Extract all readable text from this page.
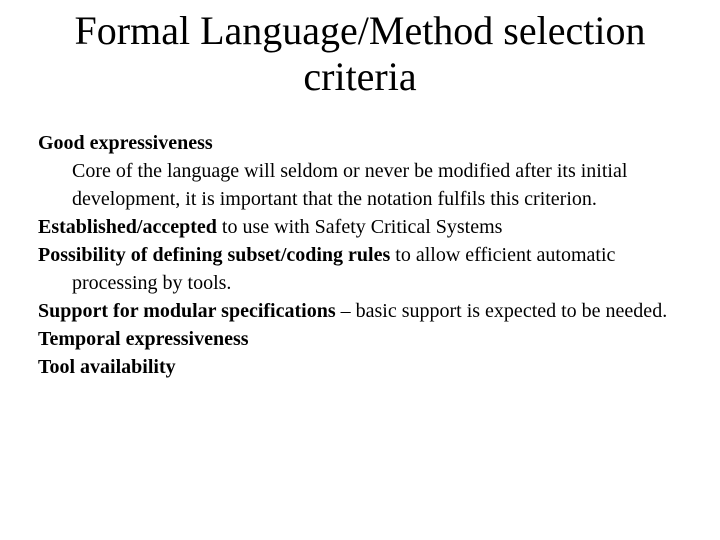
Formal Language/Method selection
criteria

Good expressiveness

Core of the language will seldom or never be modified after its initial development, it is important that the notation fulfils this criterion.

Established/accepted to use with Safety Critical Systems

Possibility of defining subset/coding rules to allow efficient automatic processing by tools.

Support for modular specifications – basic support is expected to be needed.

Temporal expressiveness

Tool availability
